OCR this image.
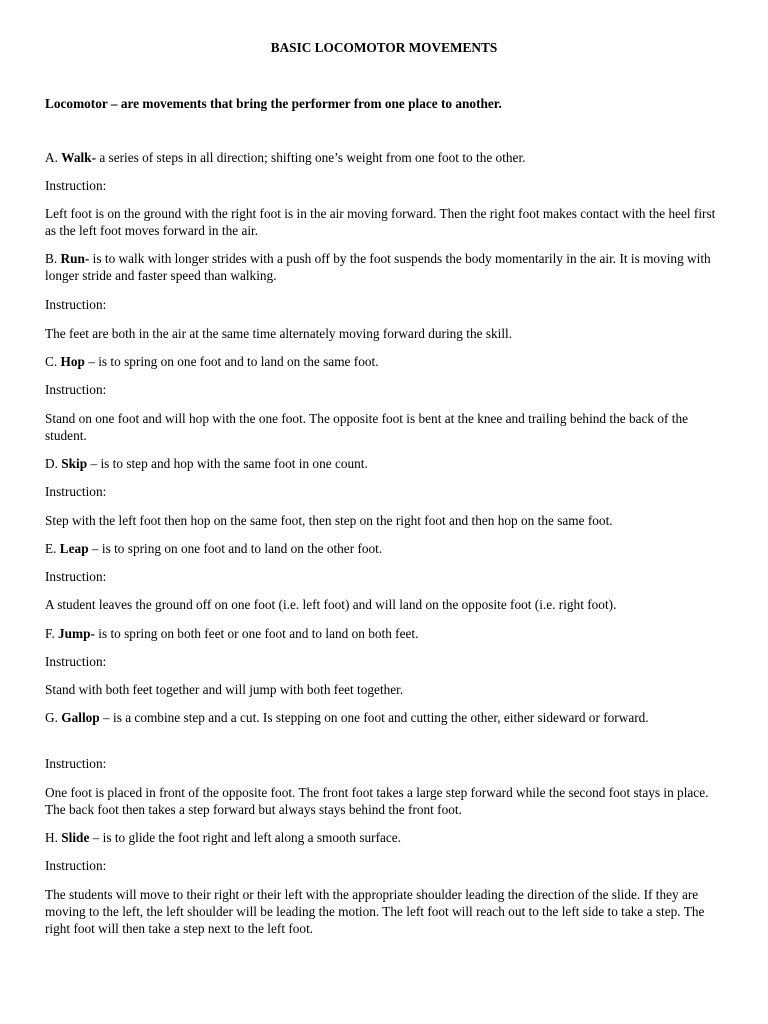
BASIC LOCOMOTOR MOVEMENTS

Locomotor – are movements that bring the performer from one place to another.

A. Walk- a series of steps in all direction; shifting one’s weight from one foot to the other.

Instruction:

Left foot is on the ground with the right foot is in the air moving forward. Then the right foot makes contact with the heel first as the left foot moves forward in the air.

B. Run- is to walk with longer strides with a push off by the foot suspends the body momentarily in the air. It is moving with longer stride and faster speed than walking.

Instruction:

The feet are both in the air at the same time alternately moving forward during the skill.

C. Hop – is to spring on one foot and to land on the same foot.

Instruction:

Stand on one foot and will hop with the one foot. The opposite foot is bent at the knee and trailing behind the back of the student.

D. Skip – is to step and hop with the same foot in one count.

Instruction:

Step with the left foot then hop on the same foot, then step on the right foot and then hop on the same foot.

E. Leap – is to spring on one foot and to land on the other foot.

Instruction:

A student leaves the ground off on one foot (i.e. left foot) and will land on the opposite foot (i.e. right foot).

F. Jump- is to spring on both feet or one foot and to land on both feet.

Instruction:

Stand with both feet together and will jump with both feet together.

G. Gallop – is a combine step and a cut. Is stepping on one foot and cutting the other, either sideward or forward.

Instruction:

One foot is placed in front of the opposite foot. The front foot takes a large step forward while the second foot stays in place. The back foot then takes a step forward but always stays behind the front foot.

H. Slide – is to glide the foot right and left along a smooth surface.

Instruction:

The students will move to their right or their left with the appropriate shoulder leading the direction of the slide. If they are moving to the left, the left shoulder will be leading the motion. The left foot will reach out to the left side to take a step. The right foot will then take a step next to the left foot.
